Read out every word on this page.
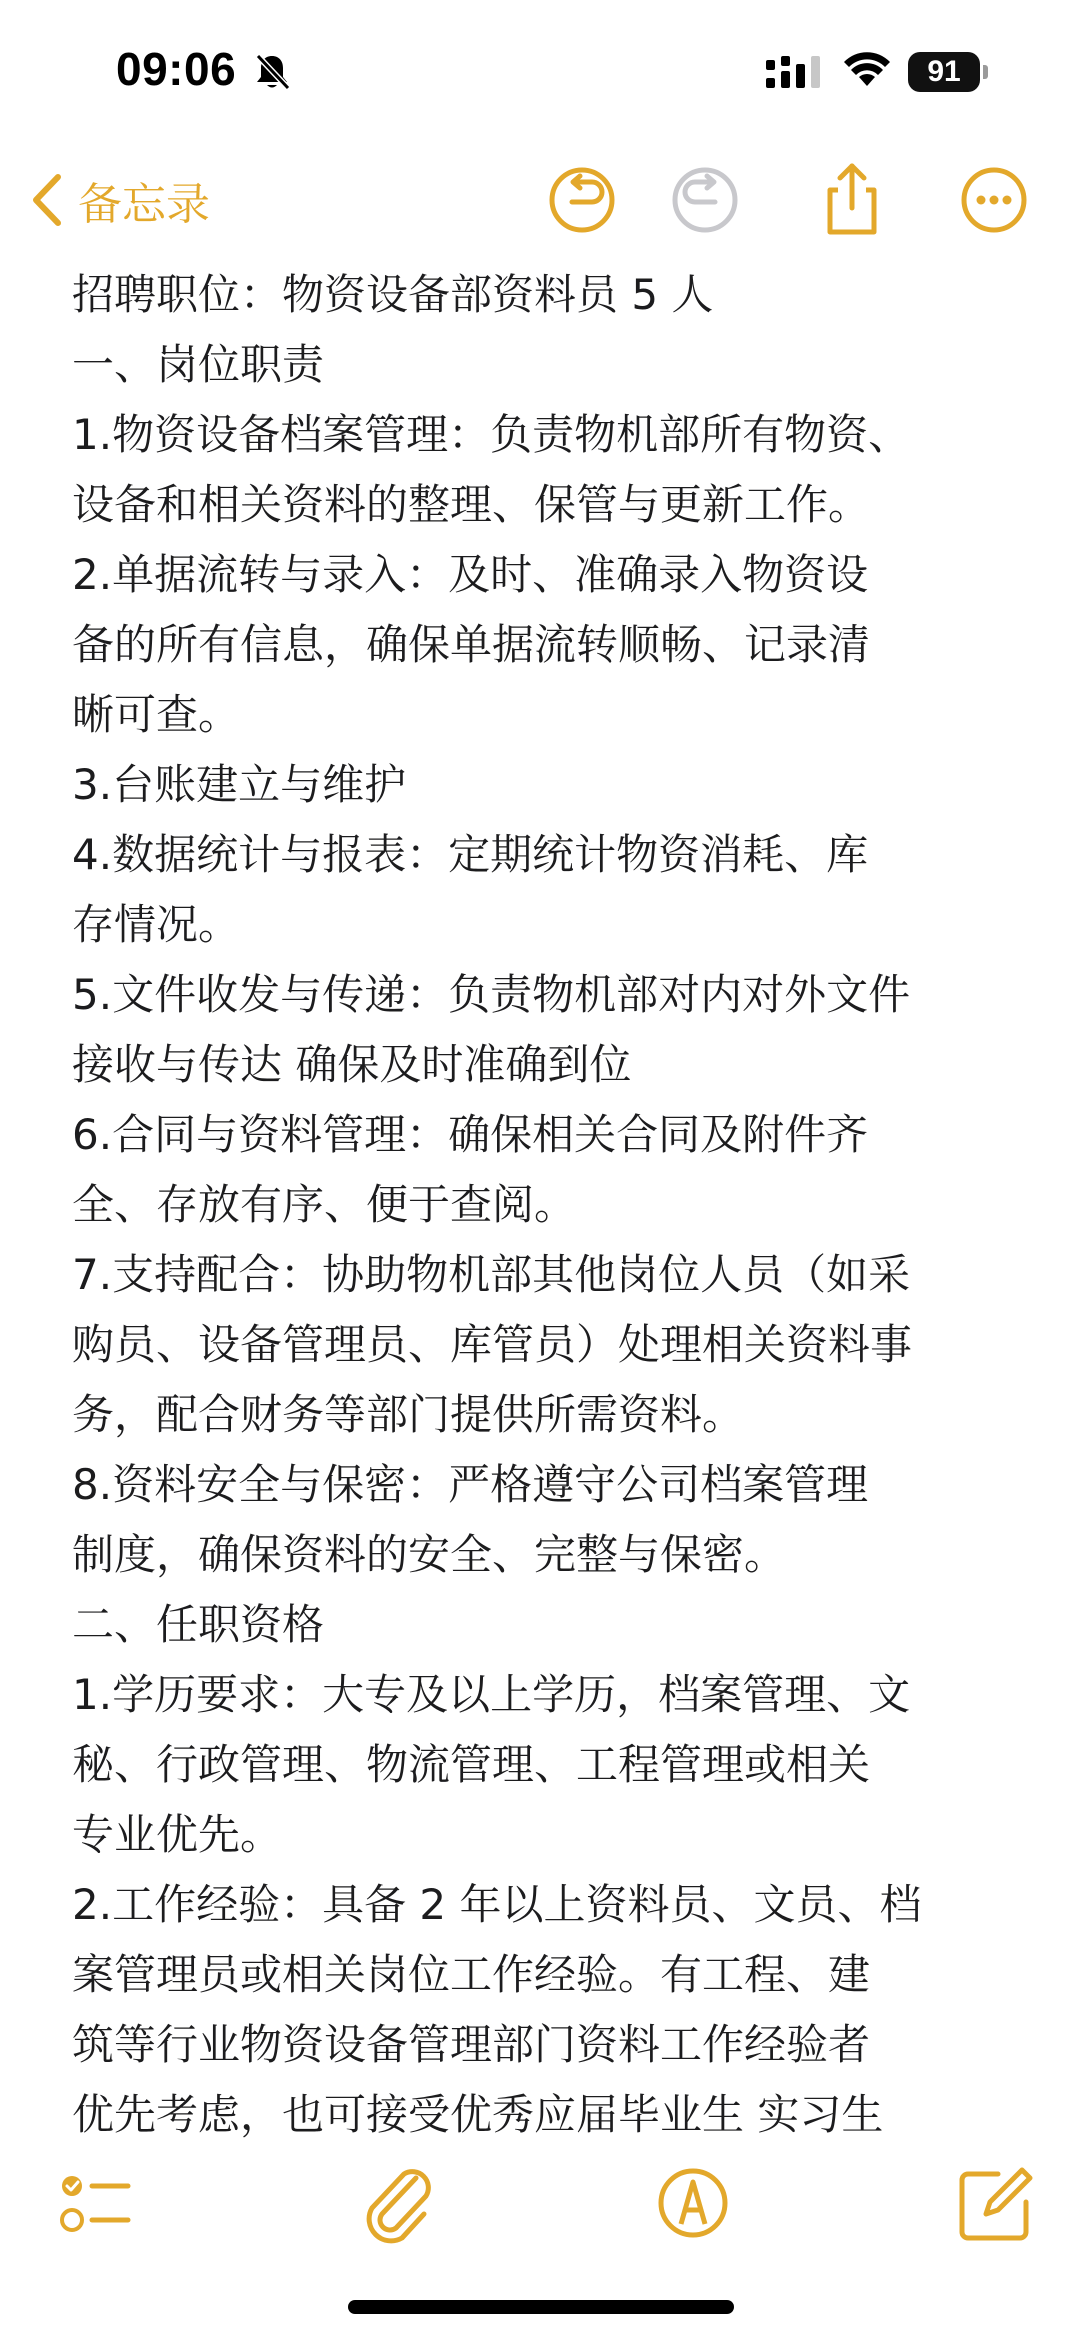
09:06	91
备忘录
招聘职位：物资设备部资料员 5 人
一、岗位职责
1.物资设备档案管理：负责物机部所有物资、
设备和相关资料的整理、保管与更新工作。
2.单据流转与录入：及时、准确录入物资设
备的所有信息，确保单据流转顺畅、记录清
晰可查。
3.台账建立与维护
4.数据统计与报表：定期统计物资消耗、库
存情况。
5.文件收发与传递：负责物机部对内对外文件
接收与传达 确保及时准确到位
6.合同与资料管理：确保相关合同及附件齐
全、存放有序、便于查阅。
7.支持配合：协助物机部其他岗位人员（如采
购员、设备管理员、库管员）处理相关资料事
务，配合财务等部门提供所需资料。
8.资料安全与保密：严格遵守公司档案管理
制度，确保资料的安全、完整与保密。
二、任职资格
1.学历要求：大专及以上学历，档案管理、文
秘、行政管理、物流管理、工程管理或相关
专业优先。
2.工作经验：具备 2 年以上资料员、文员、档
案管理员或相关岗位工作经验。有工程、建
筑等行业物资设备管理部门资料工作经验者
优先考虑，也可接受优秀应届毕业生 实习生
